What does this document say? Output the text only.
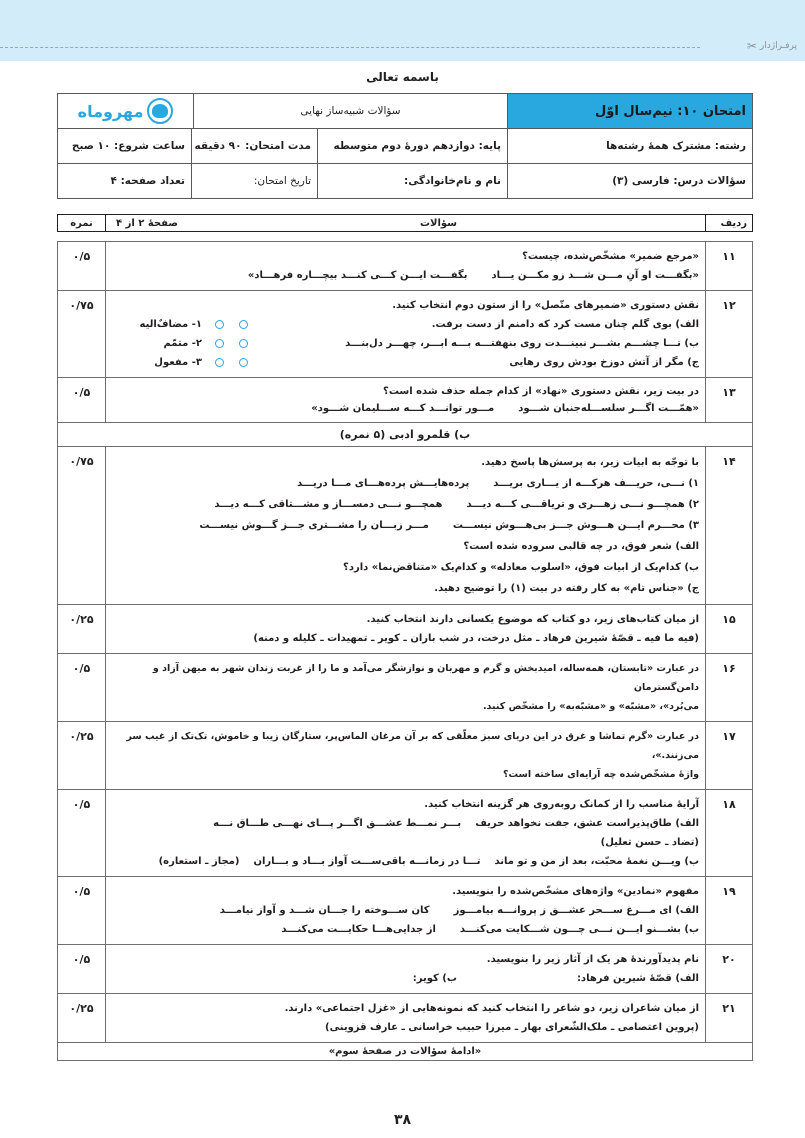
پرفـراژدار
✂
باسمه تعالی
امتحان ۱۰: نیم‌سال اوّل
سؤالات شبیه‌ساز نهایی
مهروماه
رشته: مشترک همهٔ رشته‌ها
پایه: دوازدهم دورهٔ دوم متوسطه
مدت امتحان: ۹۰ دقیقه
ساعت شروع: ۱۰ صبح
سؤالات درس: فارسی (۳)
نام و نام‌خانوادگی:
تاریخ امتحان:
تعداد صفحه: ۴
ردیف
سؤالات
صفحهٔ ۲ از ۴
نمره
۱۱
«مرجع ضمیر» مشخّص‌شده، چیست؟
«بگفـــت او آنِ مـــن شـــد زو مکـــن یـــاد
بگفـــت ایـــن کـــی کنـــد بیچـــاره فرهـــاد»
۰/۵
۱۲
نقش دستوری «ضمیرهای متّصل» را از ستون دوم انتخاب کنید.
الف) بوی گلم چنان مست کرد که دامنم از دست برفت.
۱- مضافٌ‌الیه
ب) تـــا چشـــم بشـــر نبینـــدت روی بنهفتـــه بـــه ابـــر، چهـــر دل‌بنـــد
۲- متمّم
ج) مگر از آتش دوزخ بودش روی رهایی
۳- مفعول
۰/۷۵
۱۳
در بیت زیر، نقش دستوری «نهاد» از کدام جمله حذف شده است؟
«همّـــت اگـــر سلســـله‌جنبان شـــود
مـــور توانـــد کـــه ســـلیمان شـــود»
۰/۵
ب) قلمرو ادبی (۵ نمره)
۱۴
با توجّه به ابیات زیر، به پرسش‌ها پاسخ دهید.
۱) نـــی، حریـــف هرکـــه از یـــاری بریـــد
پرده‌هایـــش پرده‌هـــای مـــا دریـــد
۲) همچـــو نـــی زهـــری و تریاقـــی کـــه دیـــد
همچـــو نـــی دمســـاز و مشـــتاقی کـــه دیـــد
۳) محـــرم ایـــن هـــوش جـــز بی‌هـــوش نیســـت
مـــر زبـــان را مشـــتری جـــز گـــوش نیســـت
الف) شعر فوق، در چه قالبی سروده شده است؟
ب) کدام‌یک از ابیات فوق، «اسلوب معادله» و کدام‌یک «متناقض‌نما» دارد؟
ج) «جناس تام» به کار رفته در بیت (۱) را توضیح دهید.
۰/۷۵
۱۵
از میان کتاب‌های زیر، دو کتاب که موضوع یکسانی دارند انتخاب کنید.
(فیه ما فیه ـ قصّهٔ شیرین فرهاد ـ مثل درخت، در شب باران ـ کویر ـ تمهیدات ـ کلیله و دمنه)
۰/۲۵
۱۶
در عبارت «تابستان، همه‌ساله، امیدبخش و گرم و مهربان و نوازشگر می‌آمد و ما را از غربت زندان شهر به میهن آزاد و دامن‌گسترمان
می‌بُرد»، «مشبّه» و «مشبّه‌به» را مشخّص کنید.
۰/۵
۱۷
در عبارت «گرم تماشا و غرق در این دریای سبز معلّقی که بر آن مرغان الماس‌پر، ستارگان زیبا و خاموش، تک‌تک از غیب سر می‌زنند.»،
واژهٔ مشخّص‌شده چه آرایه‌ای ساخته است؟
۰/۲۵
۱۸
آرایهٔ مناسب را از کمانک روبه‌روی هر گزینه انتخاب کنید.
الف) طاق‌پذیراست عشق، جفت نخواهد حریف
بـــر نمـــط عشـــق اگـــر پـــای نهـــی طـــاق نـــه
(تضاد ـ حسن تعلیل)
ب) ویـــن نغمهٔ محبّت، بعد از من و تو ماند
تـــا در زمانـــه باقی‌ســـت آواز بـــاد و بـــاران
(مجاز ـ استعاره)
۰/۵
۱۹
مفهوم «نمادین» واژه‌های مشخّص‌شده را بنویسید.
الف) ای مـــرغ ســـحر عشـــق ز پروانـــه بیامـــوز
کان ســـوخته را جـــان شـــد و آواز نیامـــد
ب) بشـــنو ایـــن نـــی چـــون شـــکایت می‌کنـــد
از جدایی‌هـــا حکایـــت می‌کنـــد
۰/۵
۲۰
نام پدیدآورندهٔ هر یک از آثار زیر را بنویسید.
الف) قصّهٔ شیرین فرهاد:
ب) کویر:
۰/۵
۲۱
از میان شاعران زیر، دو شاعر را انتخاب کنید که نمونه‌هایی از «غزل اجتماعی» دارند.
(پروین اعتصامی ـ ملک‌الشّعرای بهار ـ میرزا حبیب خراسانی ـ عارف قزوینی)
۰/۲۵
«ادامهٔ سؤالات در صفحهٔ سوم»
۳۸
